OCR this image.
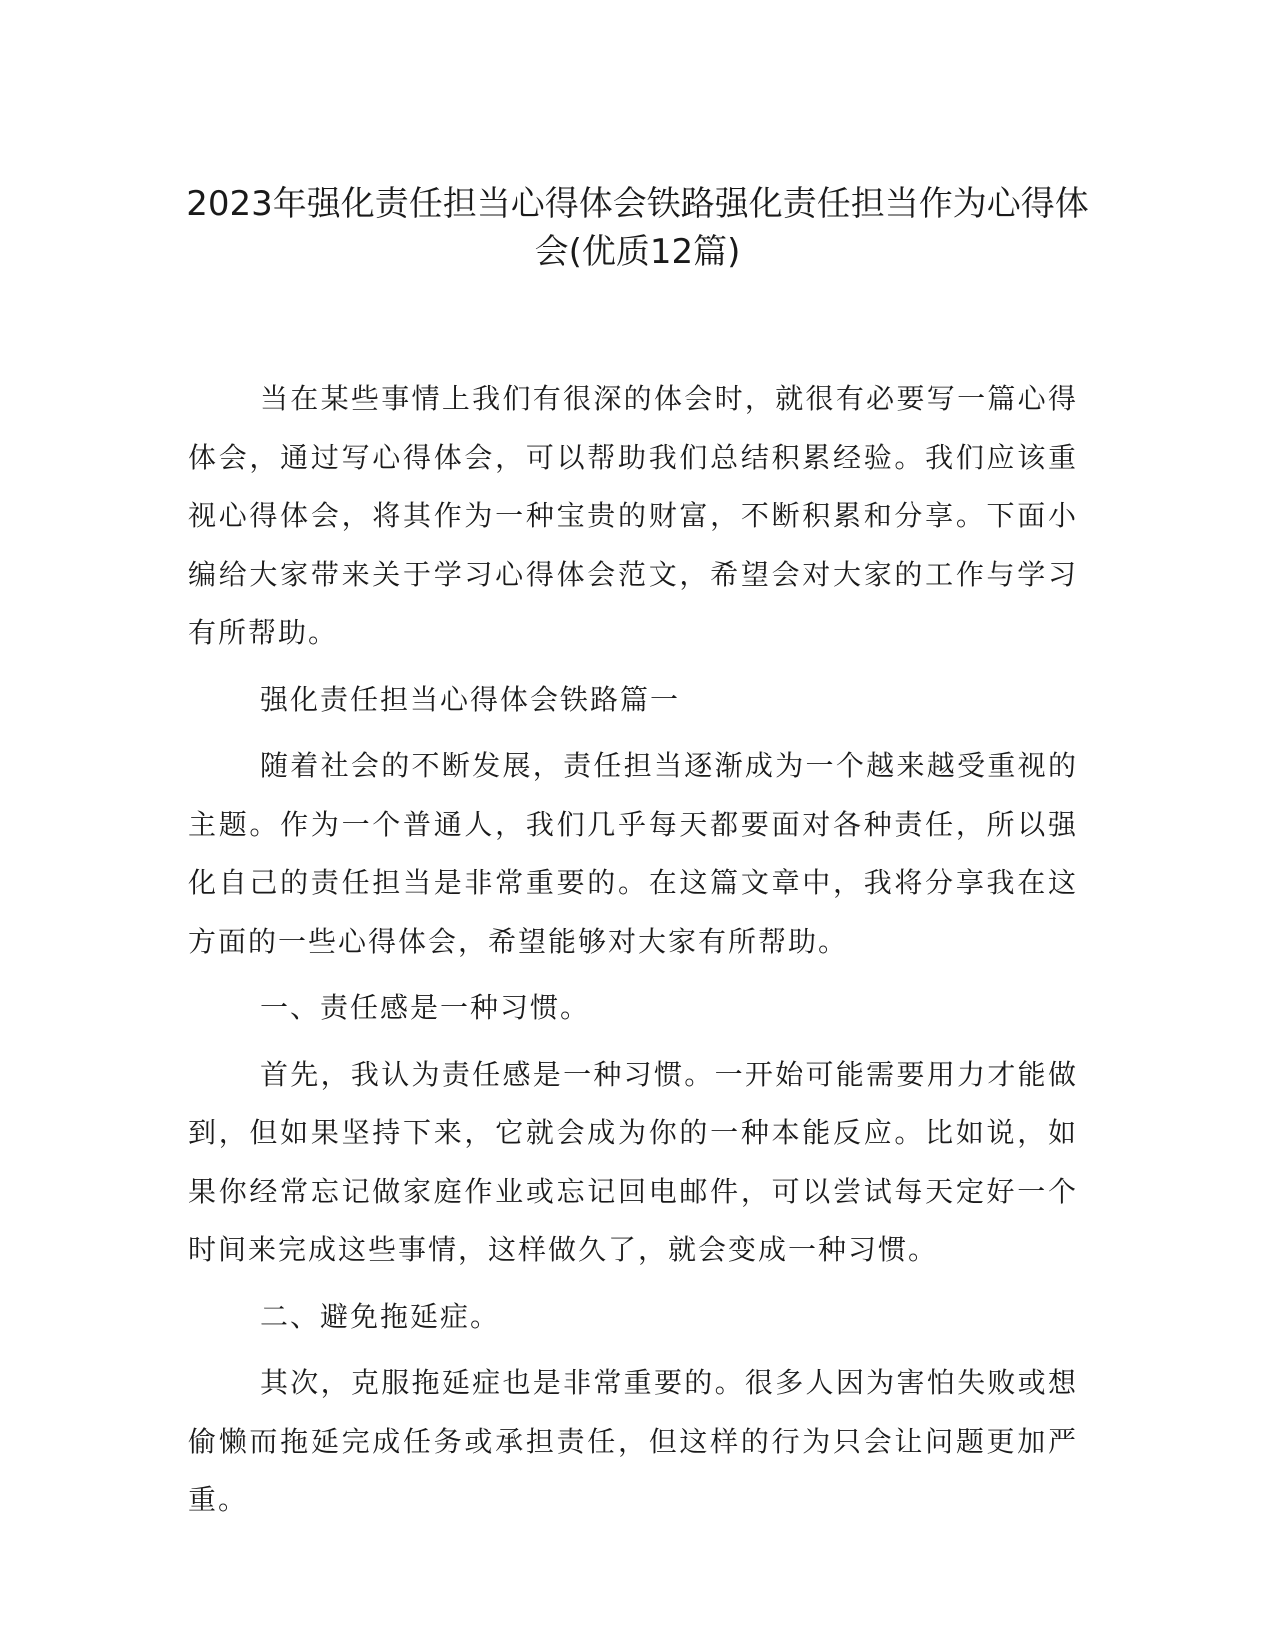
2023年强化责任担当心得体会铁路强化责任担当作为心得体会(优质12篇)

当在某些事情上我们有很深的体会时，就很有必要写一篇心得体会，通过写心得体会，可以帮助我们总结积累经验。我们应该重视心得体会，将其作为一种宝贵的财富，不断积累和分享。下面小编给大家带来关于学习心得体会范文，希望会对大家的工作与学习有所帮助。

强化责任担当心得体会铁路篇一

随着社会的不断发展，责任担当逐渐成为一个越来越受重视的主题。作为一个普通人，我们几乎每天都要面对各种责任，所以强化自己的责任担当是非常重要的。在这篇文章中，我将分享我在这方面的一些心得体会，希望能够对大家有所帮助。

一、责任感是一种习惯。

首先，我认为责任感是一种习惯。一开始可能需要用力才能做到，但如果坚持下来，它就会成为你的一种本能反应。比如说，如果你经常忘记做家庭作业或忘记回电邮件，可以尝试每天定好一个时间来完成这些事情，这样做久了，就会变成一种习惯。

二、避免拖延症。

其次，克服拖延症也是非常重要的。很多人因为害怕失败或想偷懒而拖延完成任务或承担责任，但这样的行为只会让问题更加严重。
